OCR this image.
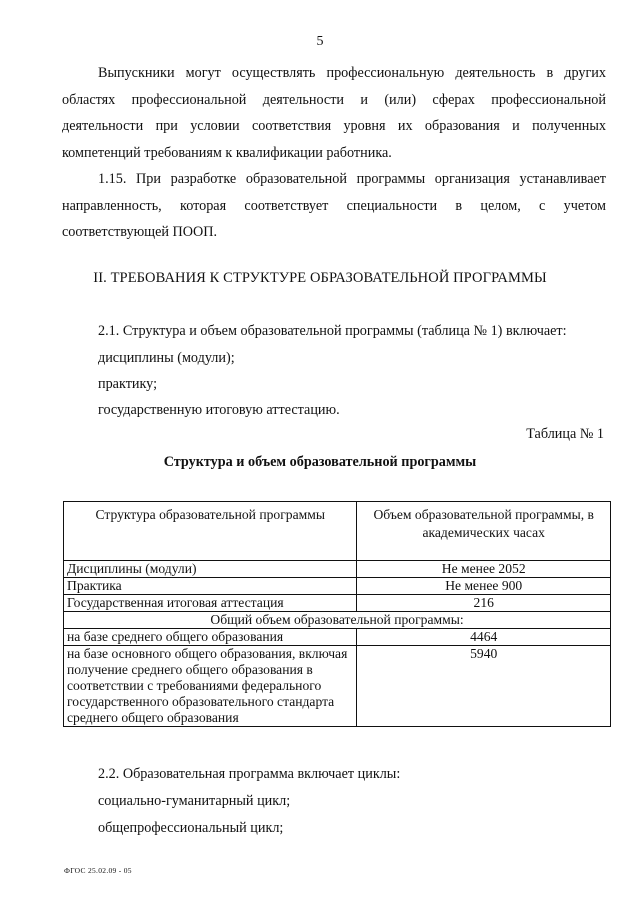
5

Выпускники могут осуществлять профессиональную деятельность в других областях профессиональной деятельности и (или) сферах профессиональной деятельности при условии соответствия уровня их образования и полученных компетенций требованиям к квалификации работника.

1.15. При разработке образовательной программы организация устанавливает направленность, которая соответствует специальности в целом, с учетом соответствующей ПООП.

II. ТРЕБОВАНИЯ К СТРУКТУРЕ ОБРАЗОВАТЕЛЬНОЙ ПРОГРАММЫ
2.1. Структура и объем образовательной программы (таблица № 1) включает:
дисциплины (модули);
практику;
государственную итоговую аттестацию.
Таблица № 1
Структура и объем образовательной программы
Структура образовательной программы	Объем образовательной программы, в академических часах
Дисциплины (модули)	Не менее 2052
Практика	Не менее 900
Государственная итоговая аттестация	216
Общий объем образовательной программы:	
на базе среднего общего образования	4464
на базе основного общего образования, включая получение среднего общего образования в соответствии с требованиями федерального государственного образовательного стандарта среднего общего образования	5940
2.2. Образовательная программа включает циклы:
социально-гуманитарный цикл;
общепрофессиональный цикл;
ФГОС 25.02.09 - 05
